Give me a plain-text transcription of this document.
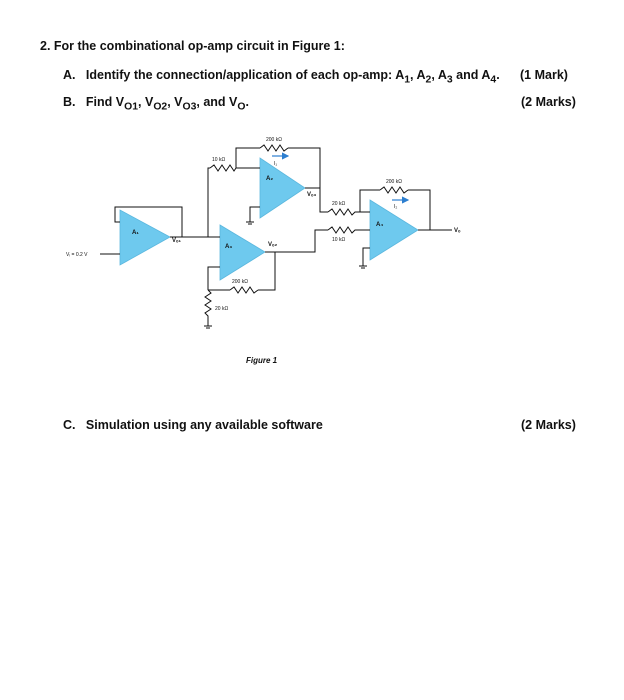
2. For the combinational op-amp circuit in Figure 1:
A. Identify the connection/application of each op-amp: $A_1$, $A_2$, $A_3$ and $A_4$. (1 Mark)
B. Find $V_{O1}$, $V_{O2}$, $V_{O3}$, and $V_O$.	(2 Marks)
A₁
Vᵢ = 0.2 V
Vₒ₁
A₂
10 kΩ
200 kΩ
I₁
Vₒ₃
A₃
20 kΩ
200 kΩ
Vₒ₂
A₄
20 kΩ
10 kΩ
200 kΩ
I₂
Vₒ
Figure 1
C. Simulation using any available software	(2 Marks)
